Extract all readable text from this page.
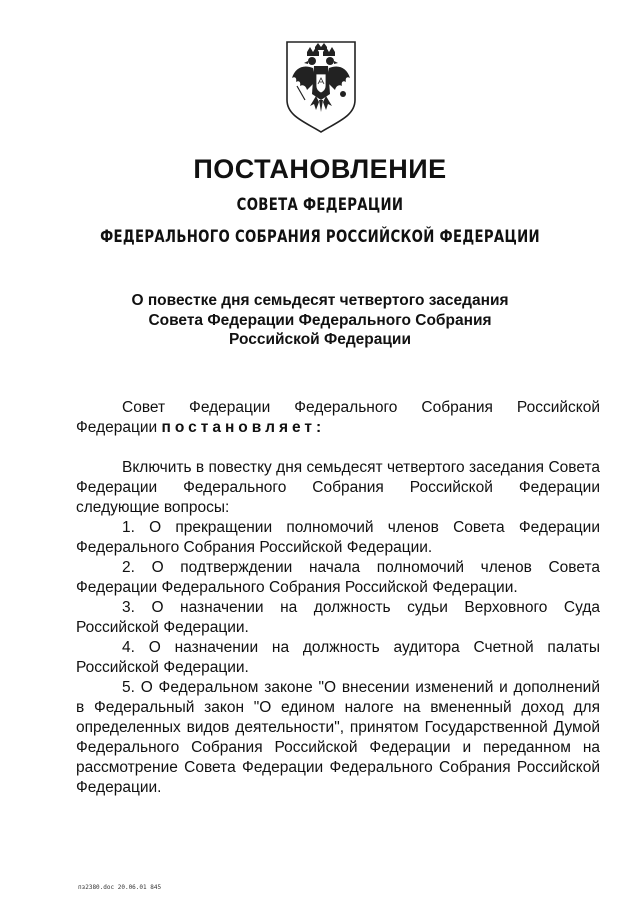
ПОСТАНОВЛЕНИЕ
СОВЕТА ФЕДЕРАЦИИ
ФЕДЕРАЛЬНОГО СОБРАНИЯ РОССИЙСКОЙ ФЕДЕРАЦИИ
О повестке дня семьдесят четвертого заседания
Совета Федерации Федерального Собрания
Российской Федерации

Совет Федерации Федерального Собрания Российской Федерации постановляет:

Включить в повестку дня семьдесят четвертого заседания Совета Федерации Федерального Собрания Российской Федерации следующие вопросы:

1. О прекращении полномочий членов Совета Федерации Федерального Собрания Российской Федерации.
2. О подтверждении начала полномочий членов Совета Федерации Федерального Собрания Российской Федерации.
3. О назначении на должность судьи Верховного Суда Российской Федерации.
4. О назначении на должность аудитора Счетной палаты Российской Федерации.
5. О Федеральном законе "О внесении изменений и дополнений в Федеральный закон "О едином налоге на вмененный доход для определенных видов деятельности", принятом Государственной Думой Федерального Собрания Российской Федерации и переданном на рассмотрение Совета Федерации Федерального Собрания Российской Федерации.
пз2380.doc 20.06.01 845
